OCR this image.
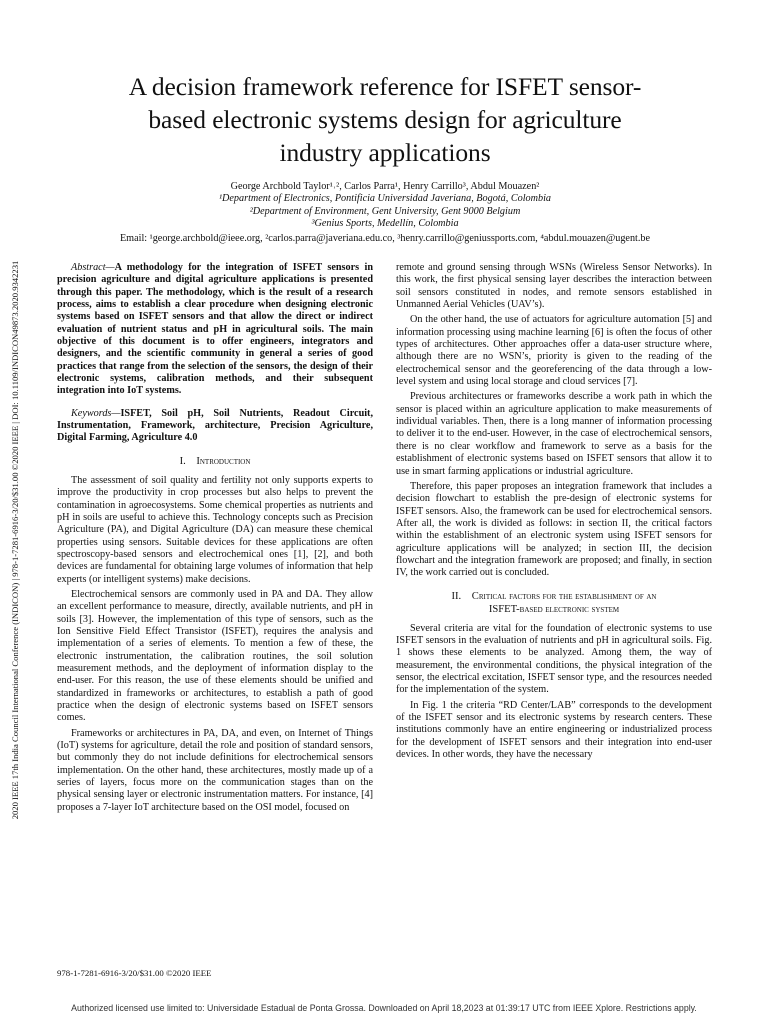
A decision framework reference for ISFET sensor-
based electronic systems design for agriculture
industry applications
George Archbold Taylor¹˒², Carlos Parra¹, Henry Carrillo³, Abdul Mouazen²
¹Department of Electronics, Pontificia Universidad Javeriana, Bogotá, Colombia
²Department of Environment, Gent University, Gent 9000 Belgium
³Genius Sports, Medellín, Colombia
Email: ¹george.archbold@ieee.org, ²carlos.parra@javeriana.edu.co, ³henry.carrillo@geniussports.com, ⁴abdul.mouazen@ugent.be
2020 IEEE 17th India Council International Conference (INDICON) | 978-1-7281-6916-3/20/$31.00 ©2020 IEEE | DOI: 10.1109/INDICON49873.2020.9342231	Abstract—A methodology for the integration of ISFET sensors in precision agriculture and digital agriculture applications is presented through this paper. The methodology, which is the result of a research process, aims to establish a clear procedure when designing electronic systems based on ISFET sensors and that allow the direct or indirect evaluation of nutrient status and pH in agricultural soils. The main objective of this document is to offer engineers, integrators and designers, and the scientific community in general a series of good practices that range from the selection of the sensors, the design of their electronic systems, calibration methods, and their subsequent integration into IoT systems.

Keywords—ISFET, Soil pH, Soil Nutrients, Readout Circuit, Instrumentation, Framework, architecture, Precision Agriculture, Digital Farming, Agriculture 4.0

I. Introduction

The assessment of soil quality and fertility not only supports experts to improve the productivity in crop processes but also helps to prevent the contamination in agroecosystems. Some chemical properties as nutrients and pH in soils are useful to achieve this. Technology concepts such as Precision Agriculture (PA), and Digital Agriculture (DA) can measure these chemical properties using sensors. Suitable devices for these applications are often spectroscopy-based sensors and electrochemical ones [1], [2], and both devices are fundamental for obtaining large volumes of information that help experts (or intelligent systems) make decisions.

Electrochemical sensors are commonly used in PA and DA. They allow an excellent performance to measure, directly, available nutrients, and pH in soils [3]. However, the implementation of this type of sensors, such as the Ion Sensitive Field Effect Transistor (ISFET), requires the analysis and implementation of a series of elements. To mention a few of these, the electronic instrumentation, the calibration routines, the soil solution measurement methods, and the deployment of information display to the end-user. For this reason, the use of these elements should be unified and standardized in frameworks or architectures, to establish a path of good practice when the design of electronic systems based on ISFET sensors comes.

Frameworks or architectures in PA, DA, and even, on Internet of Things (IoT) systems for agriculture, detail the role and position of standard sensors, but commonly they do not include definitions for electrochemical sensors implementation. On the other hand, these architectures, mostly made up of a series of layers, focus more on the communication stages than on the physical sensing layer or electronic instrumentation matters. For instance, [4] proposes a 7-layer IoT architecture based on the OSI model, focused on

remote and ground sensing through WSNs (Wireless Sensor Networks). In this work, the first physical sensing layer describes the interaction between soil sensors constituted in nodes, and remote sensors established in Unmanned Aerial Vehicles (UAV’s).

On the other hand, the use of actuators for agriculture automation [5] and information processing using machine learning [6] is often the focus of other types of architectures. Other approaches offer a data-user structure where, although there are no WSN’s, priority is given to the reading of the electrochemical sensor and the georeferencing of the data through a low-level system and using local storage and cloud services [7].

Previous architectures or frameworks describe a work path in which the sensor is placed within an agriculture application to make measurements of individual variables. Then, there is a long manner of information processing to deliver it to the end-user. However, in the case of electrochemical sensors, there is no clear workflow and framework to serve as a basis for the establishment of electronic systems based on ISFET sensors that allow it to use in smart farming applications or industrial agriculture.

Therefore, this paper proposes an integration framework that includes a decision flowchart to establish the pre-design of electronic systems for ISFET sensors. Also, the framework can be used for electrochemical sensors. After all, the work is divided as follows: in section II, the critical factors within the establishment of an electronic system using ISFET sensors for agriculture applications will be analyzed; in section III, the decision flowchart and the integration framework are proposed; and finally, in section IV, the work carried out is concluded.

II. Critical factors for the establishment of an
ISFET-based electronic system

Several criteria are vital for the foundation of electronic systems to use ISFET sensors in the evaluation of nutrients and pH in agricultural soils. Fig. 1 shows these elements to be analyzed. Among them, the way of measurement, the environmental conditions, the physical integration of the sensor, the electrical excitation, ISFET sensor type, and the resources needed for the implementation of the system.

In Fig. 1 the criteria “RD Center/LAB” corresponds to the development of the ISFET sensor and its electronic systems by research centers. These institutions commonly have an entire engineering or industrialized process for the development of ISFET sensors and their integration into end-user devices. In other words, they have the necessary

978-1-7281-6916-3/20/$31.00 ©2020 IEEE
Authorized licensed use limited to: Universidade Estadual de Ponta Grossa. Downloaded on April 18,2023 at 01:39:17 UTC from IEEE Xplore. Restrictions apply.
